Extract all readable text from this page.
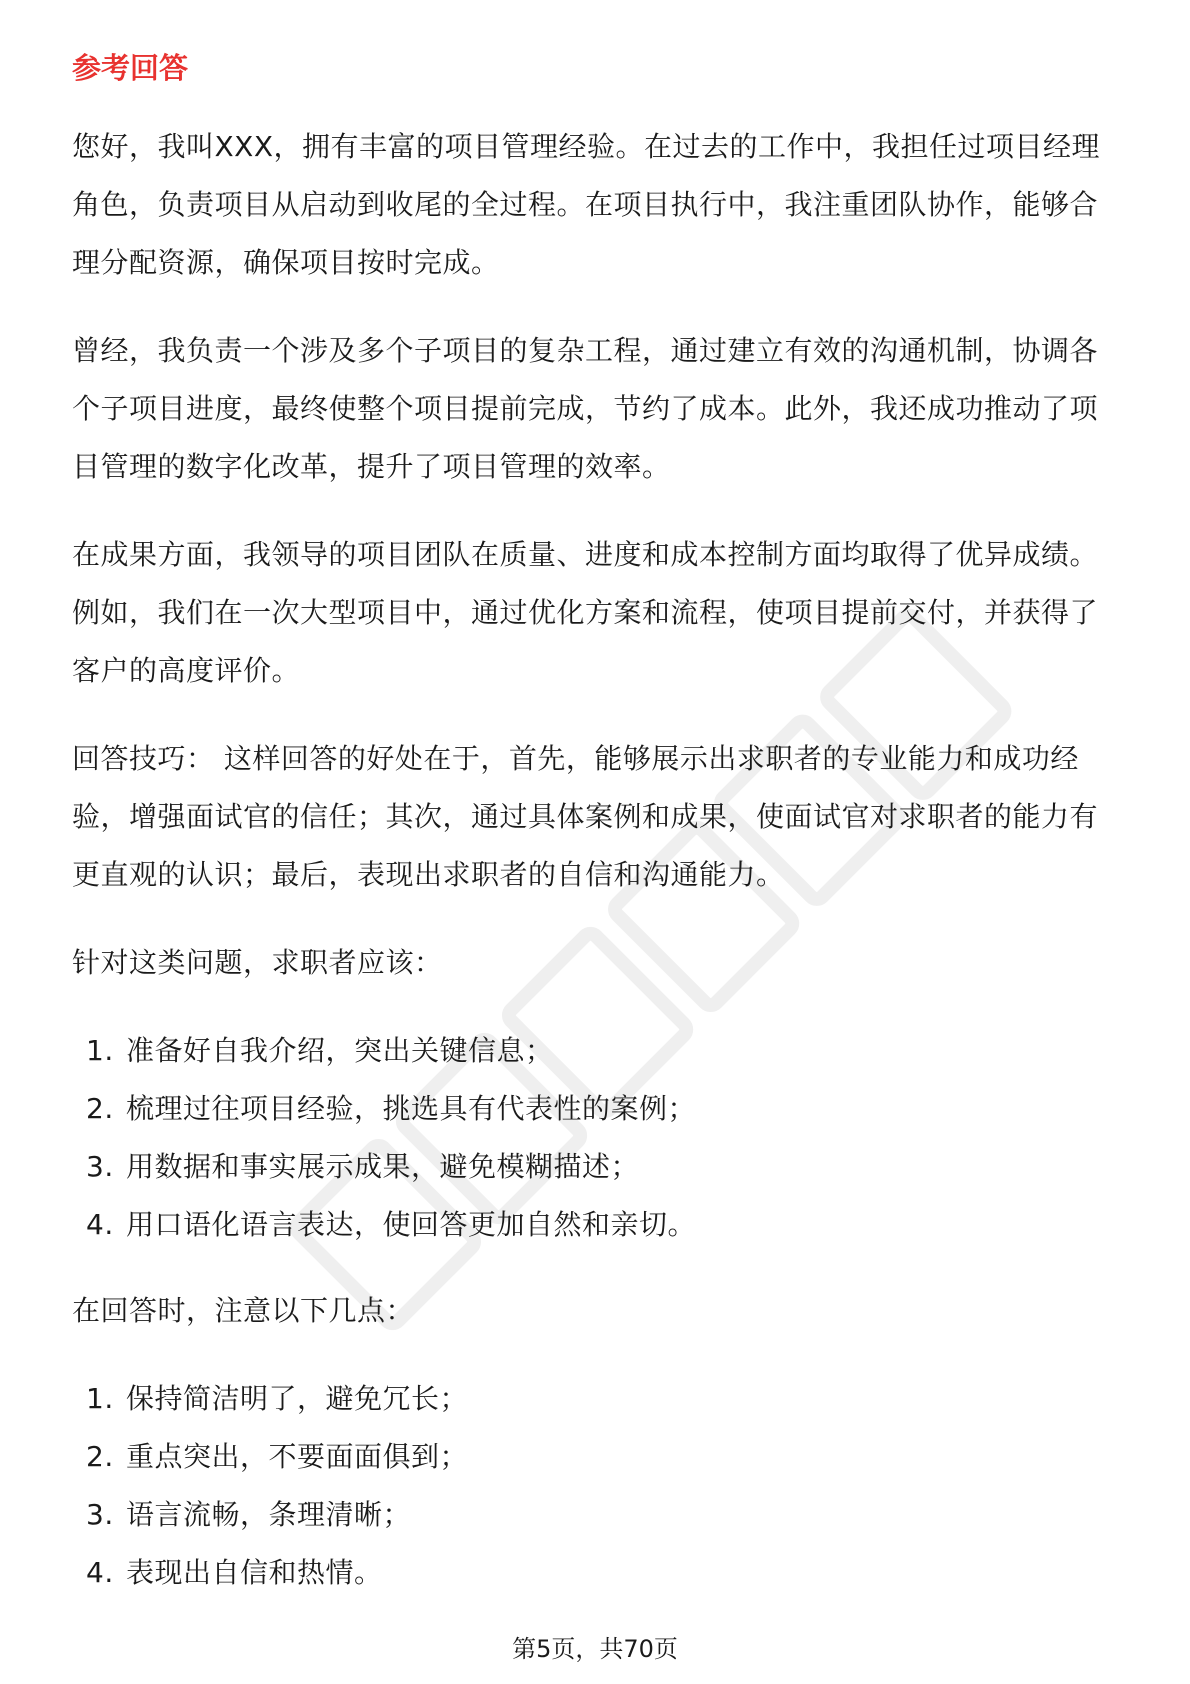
参考回答

您好，我叫XXX，拥有丰富的项目管理经验。在过去的工作中，我担任过项目经理角色，负责项目从启动到收尾的全过程。在项目执行中，我注重团队协作，能够合理分配资源，确保项目按时完成。

曾经，我负责一个涉及多个子项目的复杂工程，通过建立有效的沟通机制，协调各个子项目进度，最终使整个项目提前完成，节约了成本。此外，我还成功推动了项目管理的数字化改革，提升了项目管理的效率。

在成果方面，我领导的项目团队在质量、进度和成本控制方面均取得了优异成绩。例如，我们在一次大型项目中，通过优化方案和流程，使项目提前交付，并获得了客户的高度评价。

回答技巧： 这样回答的好处在于，首先，能够展示出求职者的专业能力和成功经验，增强面试官的信任；其次，通过具体案例和成果，使面试官对求职者的能力有更直观的认识；最后，表现出求职者的自信和沟通能力。

针对这类问题，求职者应该：

1. 准备好自我介绍，突出关键信息；
2. 梳理过往项目经验，挑选具有代表性的案例；
3. 用数据和事实展示成果，避免模糊描述；
4. 用口语化语言表达，使回答更加自然和亲切。

在回答时，注意以下几点：

1. 保持简洁明了，避免冗长；
2. 重点突出，不要面面俱到；
3. 语言流畅，条理清晰；
4. 表现出自信和热情。
第5页，共70页
